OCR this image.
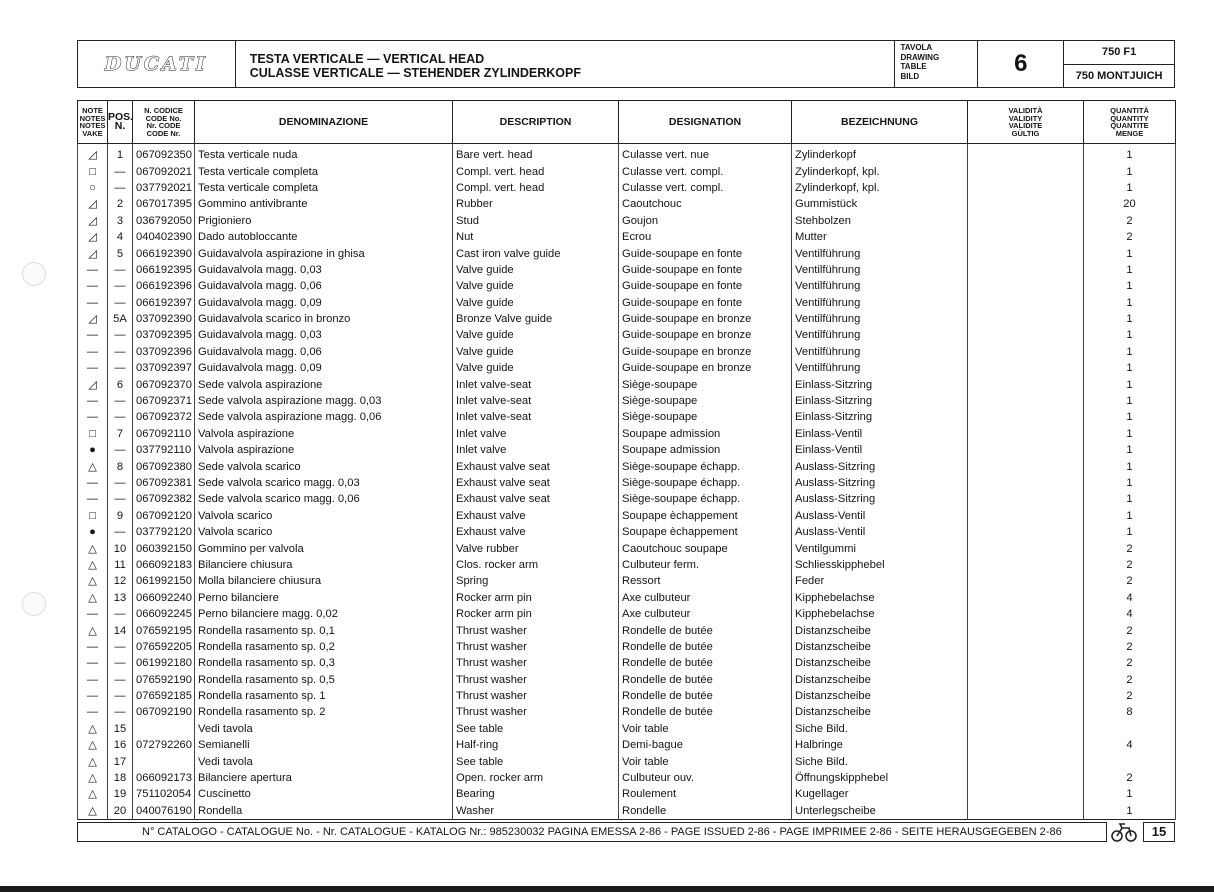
DUCATI	TESTA VERTICALE — VERTICAL HEAD
CULASSE VERTICALE — STEHENDER ZYLINDERKOPF
TAVOLA
DRAWING
TABLE
BILD	6	750 F1
750 MONTJUICH
NOTE
NOTES
NOTES
VAKE	POS.
N.	N. CODICE
CODE No.
Nr. CODE
CODE Nr.	DENOMINAZIONE	DESCRIPTION	DESIGNATION	BEZEICHNUNG	VALIDITÀ
VALIDITY
VALIDITE
GÜLTIG	QUANTITÀ
QUANTITY
QUANTITE
MENGE
◿	1	067092350	Testa verticale nuda	Bare vert. head	Culasse vert. nue	Zylinderkopf		1
□	—	067092021	Testa verticale completa	Compl. vert. head	Culasse vert. compl.	Zylinderkopf, kpl.		1
○	—	037792021	Testa verticale completa	Compl. vert. head	Culasse vert. compl.	Zylinderkopf, kpl.		1
◿	2	067017395	Gommino antivibrante	Rubber	Caoutchouc	Gummistück		20
◿	3	036792050	Prigioniero	Stud	Goujon	Stehbolzen		2
◿	4	040402390	Dado autobloccante	Nut	Ecrou	Mutter		2
◿	5	066192390	Guidavalvola aspirazione in ghisa	Cast iron valve guide	Guide-soupape en fonte	Ventilführung		1
—	—	066192395	Guidavalvola magg. 0,03	Valve guide	Guide-soupape en fonte	Ventilführung		1
—	—	066192396	Guidavalvola magg. 0,06	Valve guide	Guide-soupape en fonte	Ventilführung		1
—	—	066192397	Guidavalvola magg. 0,09	Valve guide	Guide-soupape en fonte	Ventilführung		1
◿	5A	037092390	Guidavalvola scarico in bronzo	Bronze Valve guide	Guide-soupape en bronze	Ventilführung		1
—	—	037092395	Guidavalvola magg. 0,03	Valve guide	Guide-soupape en bronze	Ventilführung		1
—	—	037092396	Guidavalvola magg. 0,06	Valve guide	Guide-soupape en bronze	Ventilführung		1
—	—	037092397	Guidavalvola magg. 0,09	Valve guide	Guide-soupape en bronze	Ventilführung		1
◿	6	067092370	Sede valvola aspirazione	Inlet valve-seat	Siège-soupape	Einlass-Sitzring		1
—	—	067092371	Sede valvola aspirazione magg. 0,03	Inlet valve-seat	Siège-soupape	Einlass-Sitzring		1
—	—	067092372	Sede valvola aspirazione magg. 0,06	Inlet valve-seat	Siège-soupape	Einlass-Sitzring		1
□	7	067092110	Valvola aspirazione	Inlet valve	Soupape admission	Einlass-Ventil		1
●	—	037792110	Valvola aspirazione	Inlet valve	Soupape admission	Einlass-Ventil		1
△	8	067092380	Sede valvola scarico	Exhaust valve seat	Siège-soupape échapp.	Auslass-Sitzring		1
—	—	067092381	Sede valvola scarico magg. 0,03	Exhaust valve seat	Siège-soupape échapp.	Auslass-Sitzring		1
—	—	067092382	Sede valvola scarico magg. 0,06	Exhaust valve seat	Siège-soupape échapp.	Auslass-Sitzring		1
□	9	067092120	Valvola scarico	Exhaust valve	Soupape èchappement	Auslass-Ventil		1
●	—	037792120	Valvola scarico	Exhaust valve	Soupape èchappement	Auslass-Ventil		1
△	10	060392150	Gommino per valvola	Valve rubber	Caoutchouc soupape	Ventilgummi		2
△	11	066092183	Bilanciere chiusura	Clos. rocker arm	Culbuteur ferm.	Schliesskipphebel		2
△	12	061992150	Molla bilanciere chiusura	Spring	Ressort	Feder		2
△	13	066092240	Perno bilanciere	Rocker arm pin	Axe culbuteur	Kipphebelachse		4
—	—	066092245	Perno bilanciere magg. 0,02	Rocker arm pin	Axe culbuteur	Kipphebelachse		4
△	14	076592195	Rondella rasamento sp. 0,1	Thrust washer	Rondelle de butée	Distanzscheibe		2
—	—	076592205	Rondella rasamento sp. 0,2	Thrust washer	Rondelle de butée	Distanzscheibe		2
—	—	061992180	Rondella rasamento sp. 0,3	Thrust washer	Rondelle de butée	Distanzscheibe		2
—	—	076592190	Rondella rasamento sp. 0,5	Thrust washer	Rondelle de butée	Distanzscheibe		2
—	—	076592185	Rondella rasamento sp. 1	Thrust washer	Rondelle de butée	Distanzscheibe		2
—	—	067092190	Rondella rasamento sp. 2	Thrust washer	Rondelle de butée	Distanzscheibe		8
△	15		Vedi tavola	See table	Voir table	Siche Bild.		
△	16	072792260	Semianelli	Half-ring	Demi-bague	Halbringe		4
△	17		Vedi tavola	See table	Voir table	Siche Bild.		
△	18	066092173	Bilanciere apertura	Open. rocker arm	Culbuteur ouv.	Öffnungskipphebel		2
△	19	751102054	Cuscinetto	Bearing	Roulement	Kugellager		1
△	20	040076190	Rondella	Washer	Rondelle	Unterlegscheibe		1
N° CATALOGO - CATALOGUE No. - Nr. CATALOGUE - KATALOG Nr.: 985230032 PAGINA EMESSA 2-86 - PAGE ISSUED 2-86 - PAGE IMPRIMEE 2-86 - SEITE HERAUSGEGEBEN 2-86	15
